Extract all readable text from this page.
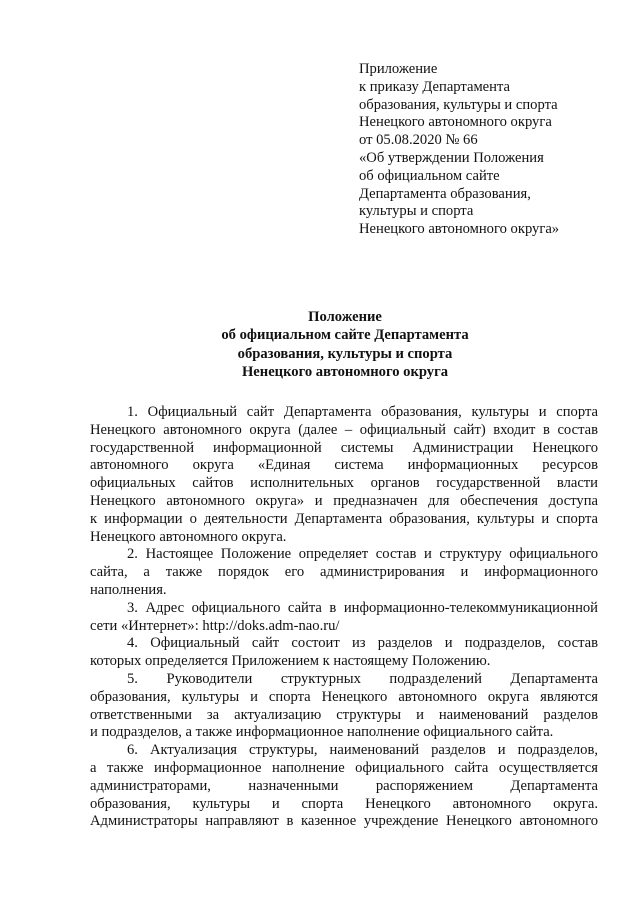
Приложение
к приказу Департамента
образования, культуры и спорта
Ненецкого автономного округа
от 05.08.2020 № 66
«Об утверждении Положения
об официальном сайте
Департамента образования,
культуры и спорта
Ненецкого автономного округа»
Положение
об официальном сайте Департамента
образования, культуры и спорта
Ненецкого автономного округа
1. Официальный сайт Департамента образования, культуры и спорта
Ненецкого автономного округа (далее – официальный сайт) входит в состав
государственной информационной системы Администрации Ненецкого
автономного округа «Единая система информационных ресурсов
официальных сайтов исполнительных органов государственной власти
Ненецкого автономного округа» и предназначен для обеспечения доступа
к информации о деятельности Департамента образования, культуры и спорта
Ненецкого автономного округа.
2. Настоящее Положение определяет состав и структуру официального
сайта, а также порядок его администрирования и информационного
наполнения.
3. Адрес официального сайта в информационно-телекоммуникационной
сети «Интернет»: http://doks.adm-nao.ru/
4. Официальный сайт состоит из разделов и подразделов, состав
которых определяется Приложением к настоящему Положению.
5. Руководители структурных подразделений Департамента
образования, культуры и спорта Ненецкого автономного округа являются
ответственными за актуализацию структуры и наименований разделов
и подразделов, а также информационное наполнение официального сайта.
6. Актуализация структуры, наименований разделов и подразделов,
а также информационное наполнение официального сайта осуществляется
администраторами, назначенными распоряжением Департамента
образования, культуры и спорта Ненецкого автономного округа.
Администраторы направляют в казенное учреждение Ненецкого автономного
